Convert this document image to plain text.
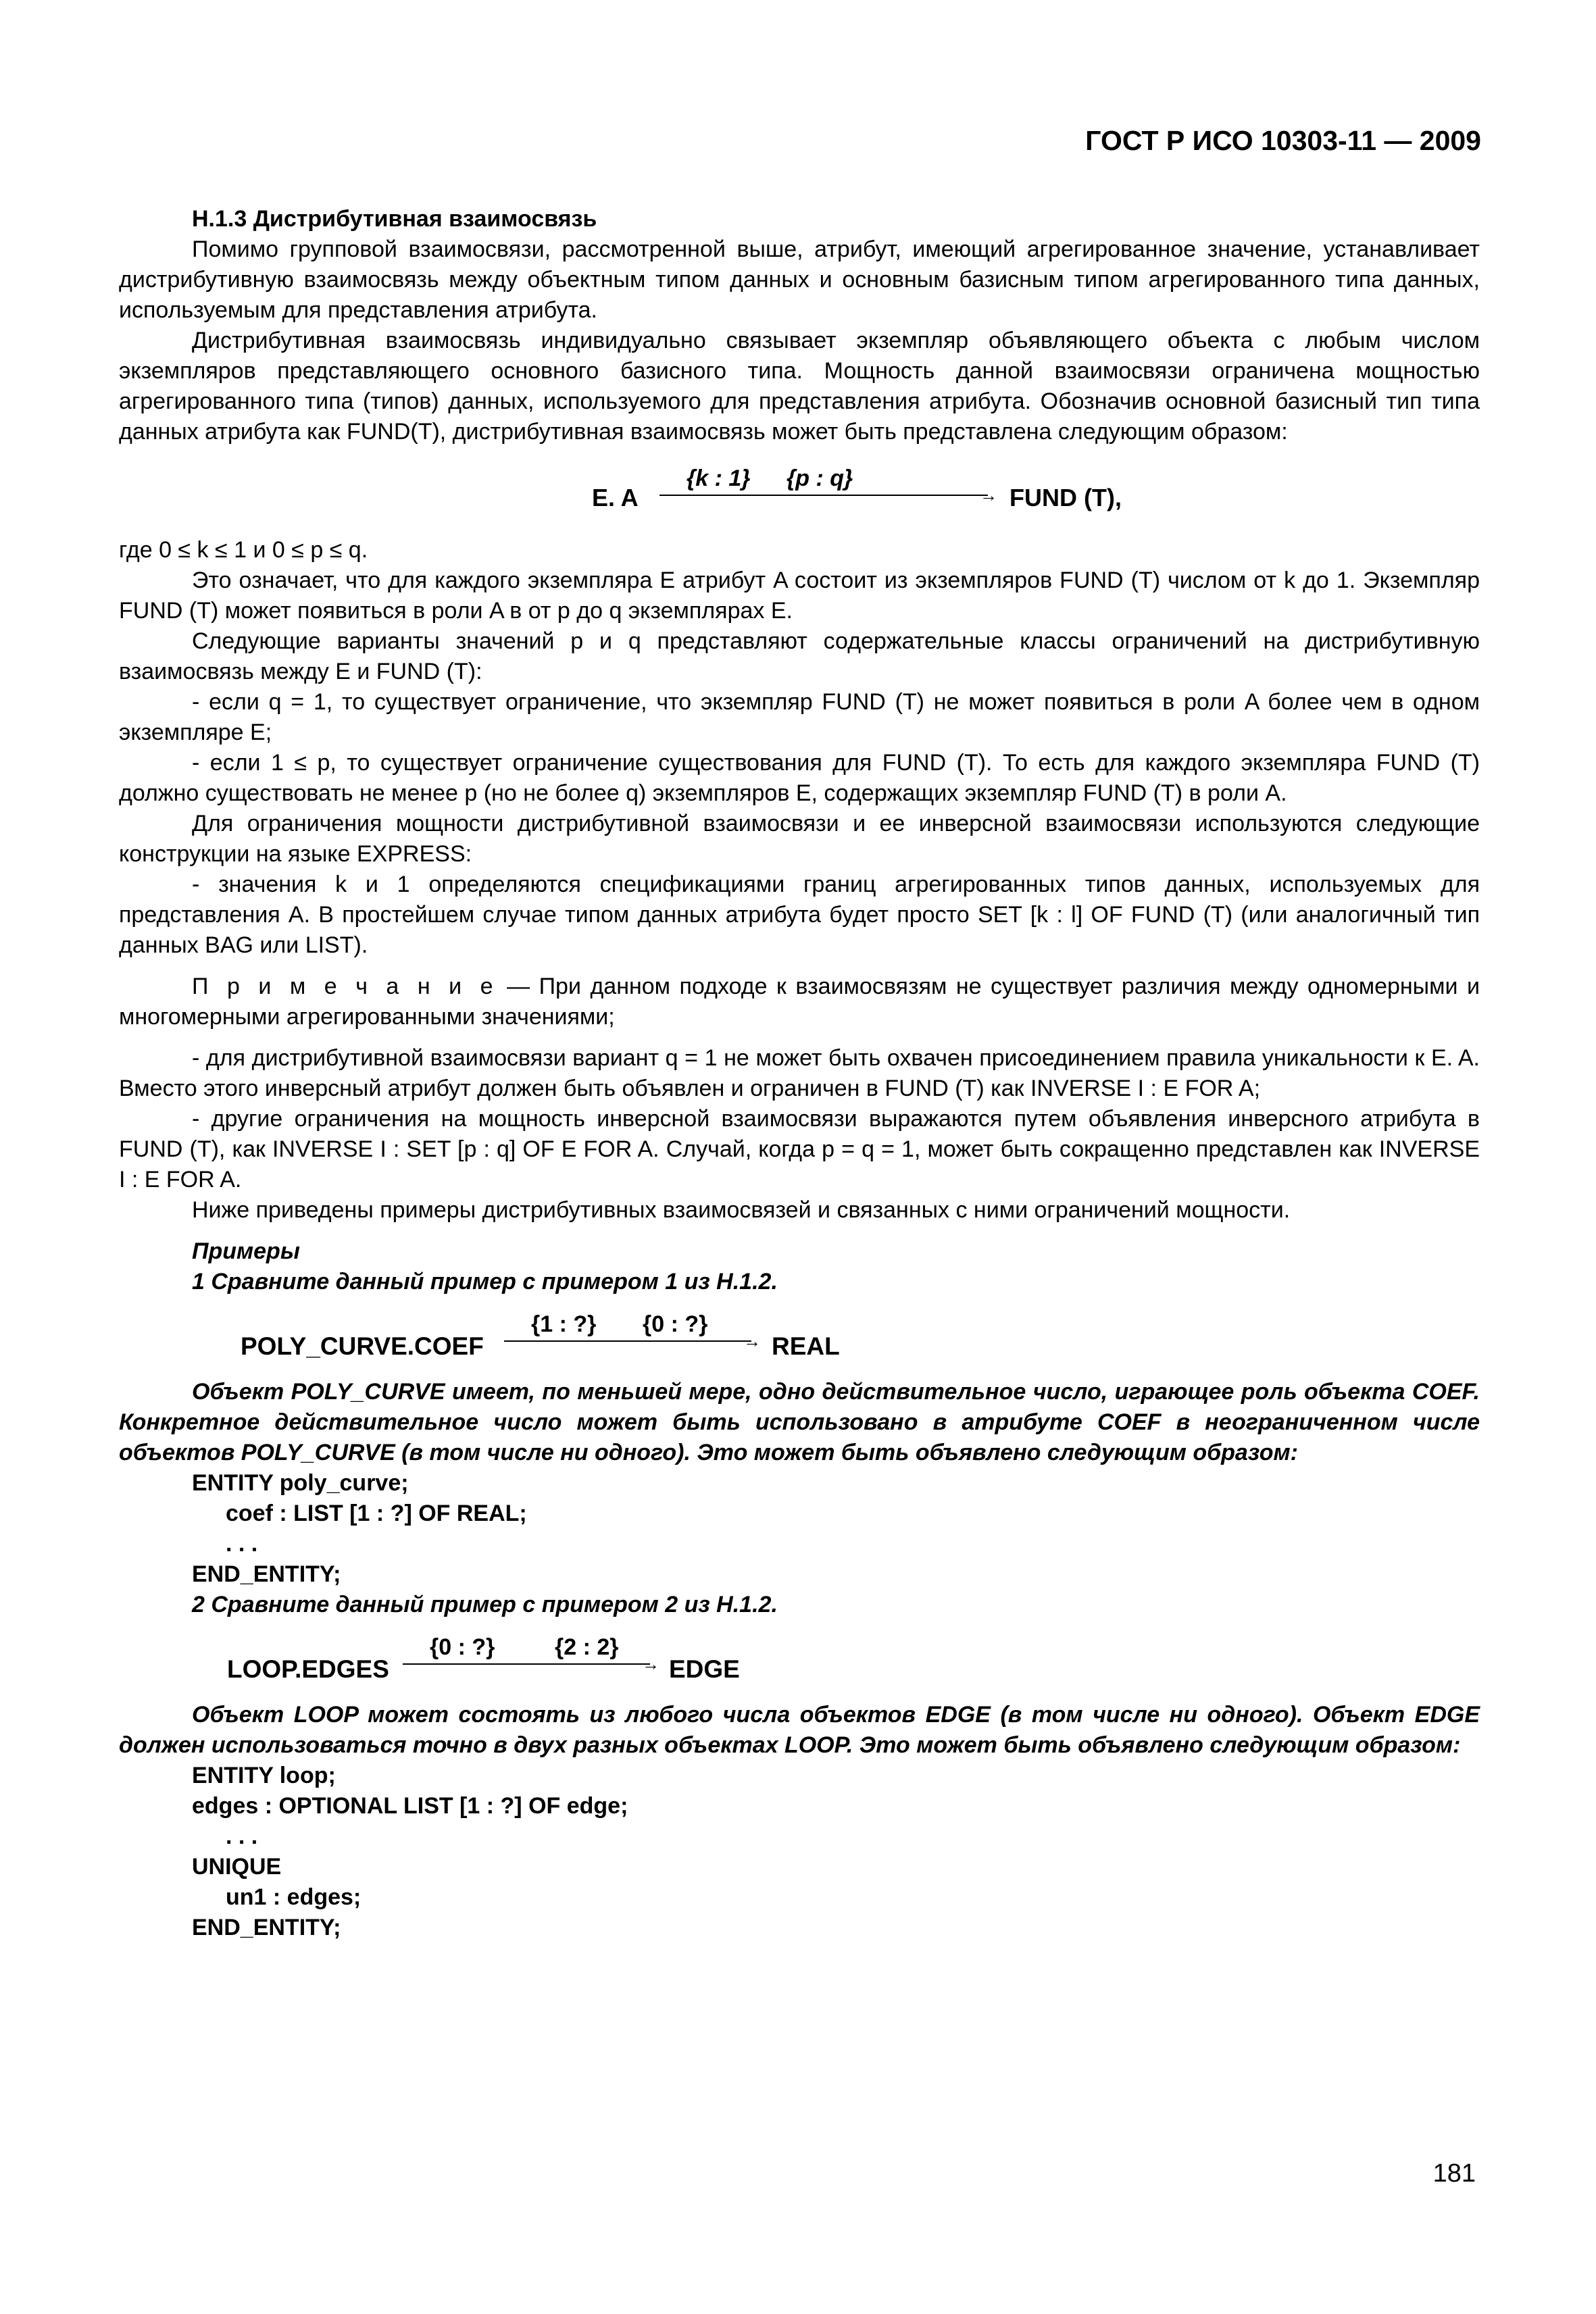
ГОСТ Р ИСО 10303-11 — 2009

H.1.3 Дистрибутивная взаимосвязь

Помимо групповой взаимосвязи, рассмотренной выше, атрибут, имеющий агрегированное значение, устанавливает дистрибутивную взаимосвязь между объектным типом данных и основным базисным типом агрегированного типа данных, используемым для представления атрибута.

Дистрибутивная взаимосвязь индивидуально связывает экземпляр объявляющего объекта с любым числом экземпляров представляющего основного базисного типа. Мощность данной взаимосвязи ограничена мощностью агрегированного типа (типов) данных, используемого для представления атрибута. Обозначив основной базисный тип типа данных атрибута как FUND(T), дистрибутивная взаимосвязь может быть представлена следующим образом:

E. A
{k : 1} {p : q}
→ FUND (T),

где 0 ≤ k ≤ 1 и 0 ≤ p ≤ q.

Это означает, что для каждого экземпляра E атрибут A состоит из экземпляров FUND (T) числом от k до 1. Экземпляр FUND (T) может появиться в роли A в от p до q экземплярах E.

Следующие варианты значений p и q представляют содержательные классы ограничений на дистрибутивную взаимосвязь между E и FUND (T):

- если q = 1, то существует ограничение, что экземпляр FUND (T) не может появиться в роли A более чем в одном экземпляре E;

- если 1 ≤ p, то существует ограничение существования для FUND (T). То есть для каждого экземпляра FUND (T) должно существовать не менее p (но не более q) экземпляров E, содержащих экземпляр FUND (T) в роли A.

Для ограничения мощности дистрибутивной взаимосвязи и ее инверсной взаимосвязи используются следующие конструкции на языке EXPRESS:

- значения k и 1 определяются спецификациями границ агрегированных типов данных, используемых для представления A. В простейшем случае типом данных атрибута будет просто SET [k : l] OF FUND (T) (или аналогичный тип данных BAG или LIST).

П р и м е ч а н и е — При данном подходе к взаимосвязям не существует различия между одномерными и многомерными агрегированными значениями;

- для дистрибутивной взаимосвязи вариант q = 1 не может быть охвачен присоединением правила уникальности к E. A. Вместо этого инверсный атрибут должен быть объявлен и ограничен в FUND (T) как INVERSE I : E FOR A;

- другие ограничения на мощность инверсной взаимосвязи выражаются путем объявления инверсного атрибута в FUND (T), как INVERSE I : SET [p : q] OF E FOR A. Случай, когда p = q = 1, может быть сокращенно представлен как INVERSE I : E FOR A.

Ниже приведены примеры дистрибутивных взаимосвязей и связанных с ними ограничений мощности.

Примеры

1 Сравните данный пример с примером 1 из H.1.2.

POLY_CURVE.COEF
{1 : ?} {0 : ?}
→ REAL

Объект POLY_CURVE имеет, по меньшей мере, одно действительное число, играющее роль объекта COEF. Конкретное действительное число может быть использовано в атрибуте COEF в неограниченном числе объектов POLY_CURVE (в том числе ни одного). Это может быть объявлено следующим образом:

ENTITY poly_curve;

coef : LIST [1 : ?] OF REAL;

. . .

END_ENTITY;

2 Сравните данный пример с примером 2 из H.1.2.

LOOP.EDGES
{0 : ?}	{2 : 2}
→ EDGE

Объект LOOP может состоять из любого числа объектов EDGE (в том числе ни одного). Объект EDGE должен использоваться точно в двух разных объектах LOOP. Это может быть объявлено следующим образом:

ENTITY loop;

edges : OPTIONAL LIST [1 : ?] OF edge;

. . .

UNIQUE

un1 : edges;

END_ENTITY;

181
